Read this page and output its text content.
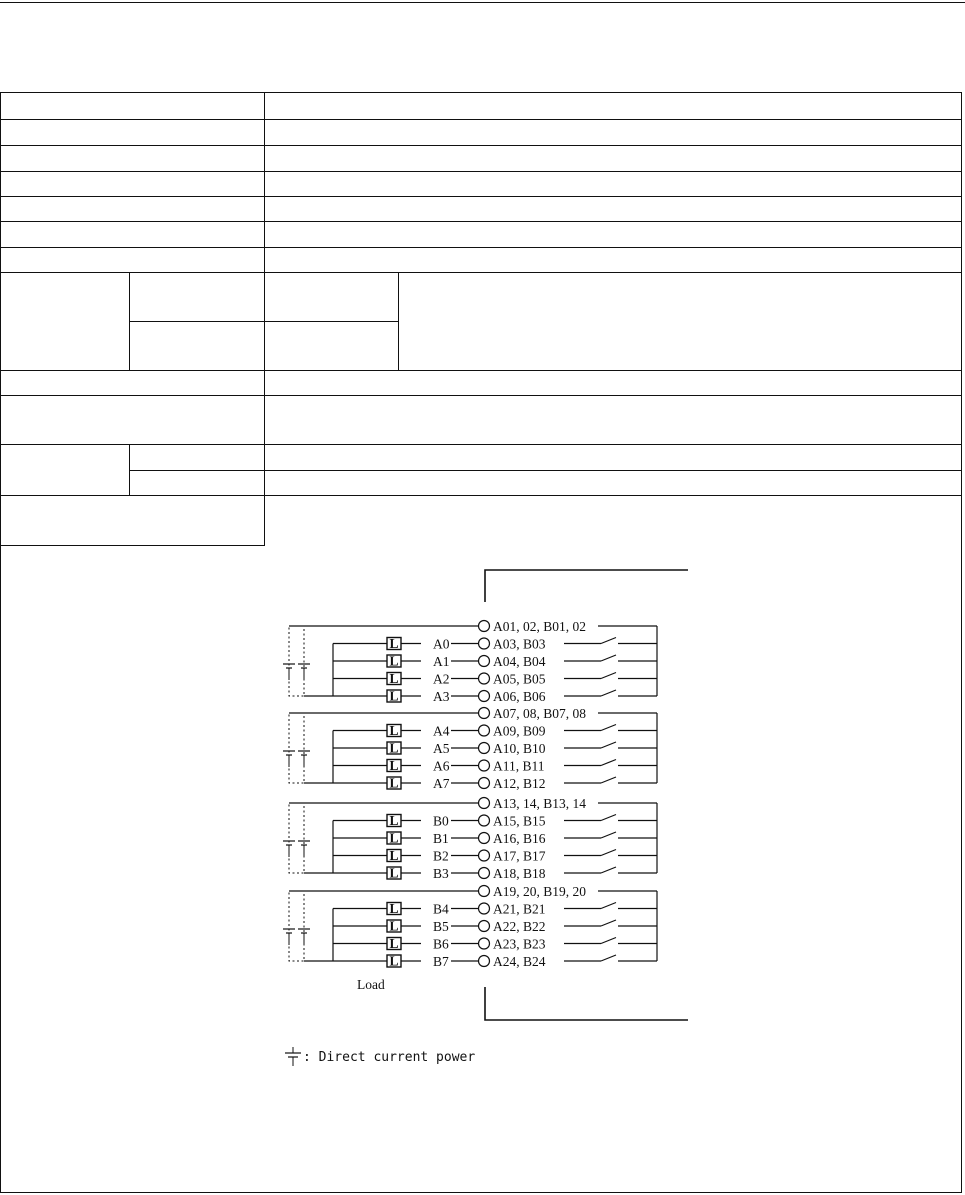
A01, 02, B01, 02
L	A0	A03, B03
L	A1	A04, B04
L	A2	A05, B05
L	A3	A06, B06
A07, 08, B07, 08
L	A4	A09, B09
L	A5	A10, B10
L	A6	A11, B11
L	A7	A12, B12
A13, 14, B13, 14
L	B0	A15, B15
L	B1	A16, B16
L	B2	A17, B17
L	B3	A18, B18
A19, 20, B19, 20
L	B4	A21, B21
L	B5	A22, B22
L	B6	A23, B23
L	B7	A24, B24
Load
: Direct current power
